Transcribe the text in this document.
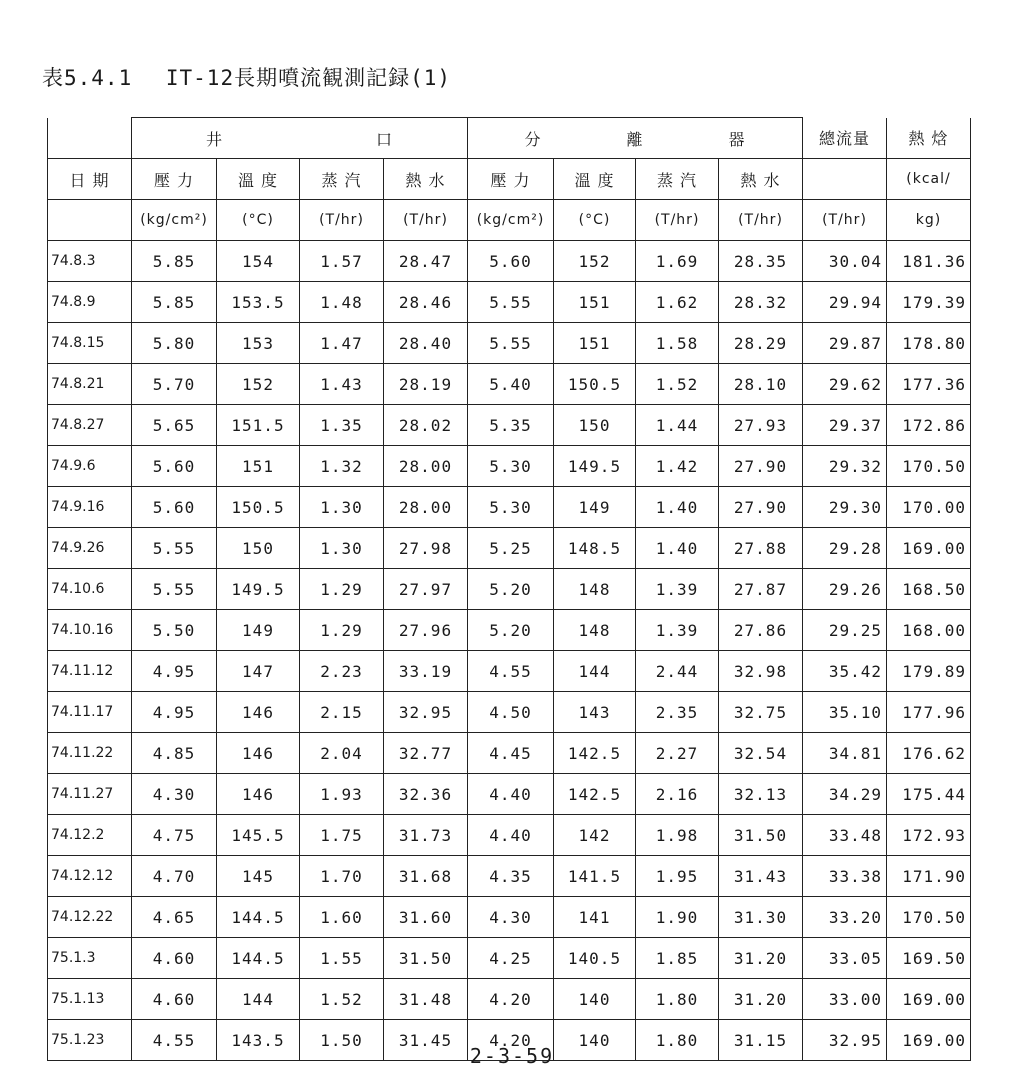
表5.4.1 IT-12長期噴流観測記録(1)
	井　　　　　　　　　口				分　　　　　離　　　　　器				總流量	熱 焓
日 期	壓 力	溫 度	蒸 汽	熱 水	壓 力	溫 度	蒸 汽	熱 水		(kcal/
	(kg/cm²)	(°C)	(T/hr)	(T/hr)	(kg/cm²)	(°C)	(T/hr)	(T/hr)	(T/hr)	kg)
74.8.3	5.85	154	1.57	28.47	5.60	152	1.69	28.35	30.04	181.36
74.8.9	5.85	153.5	1.48	28.46	5.55	151	1.62	28.32	29.94	179.39
74.8.15	5.80	153	1.47	28.40	5.55	151	1.58	28.29	29.87	178.80
74.8.21	5.70	152	1.43	28.19	5.40	150.5	1.52	28.10	29.62	177.36
74.8.27	5.65	151.5	1.35	28.02	5.35	150	1.44	27.93	29.37	172.86
74.9.6	5.60	151	1.32	28.00	5.30	149.5	1.42	27.90	29.32	170.50
74.9.16	5.60	150.5	1.30	28.00	5.30	149	1.40	27.90	29.30	170.00
74.9.26	5.55	150	1.30	27.98	5.25	148.5	1.40	27.88	29.28	169.00
74.10.6	5.55	149.5	1.29	27.97	5.20	148	1.39	27.87	29.26	168.50
74.10.16	5.50	149	1.29	27.96	5.20	148	1.39	27.86	29.25	168.00
74.11.12	4.95	147	2.23	33.19	4.55	144	2.44	32.98	35.42	179.89
74.11.17	4.95	146	2.15	32.95	4.50	143	2.35	32.75	35.10	177.96
74.11.22	4.85	146	2.04	32.77	4.45	142.5	2.27	32.54	34.81	176.62
74.11.27	4.30	146	1.93	32.36	4.40	142.5	2.16	32.13	34.29	175.44
74.12.2	4.75	145.5	1.75	31.73	4.40	142	1.98	31.50	33.48	172.93
74.12.12	4.70	145	1.70	31.68	4.35	141.5	1.95	31.43	33.38	171.90
74.12.22	4.65	144.5	1.60	31.60	4.30	141	1.90	31.30	33.20	170.50
75.1.3	4.60	144.5	1.55	31.50	4.25	140.5	1.85	31.20	33.05	169.50
75.1.13	4.60	144	1.52	31.48	4.20	140	1.80	31.20	33.00	169.00
75.1.23	4.55	143.5	1.50	31.45	4.20	140	1.80	31.15	32.95	169.00
2-3-59
